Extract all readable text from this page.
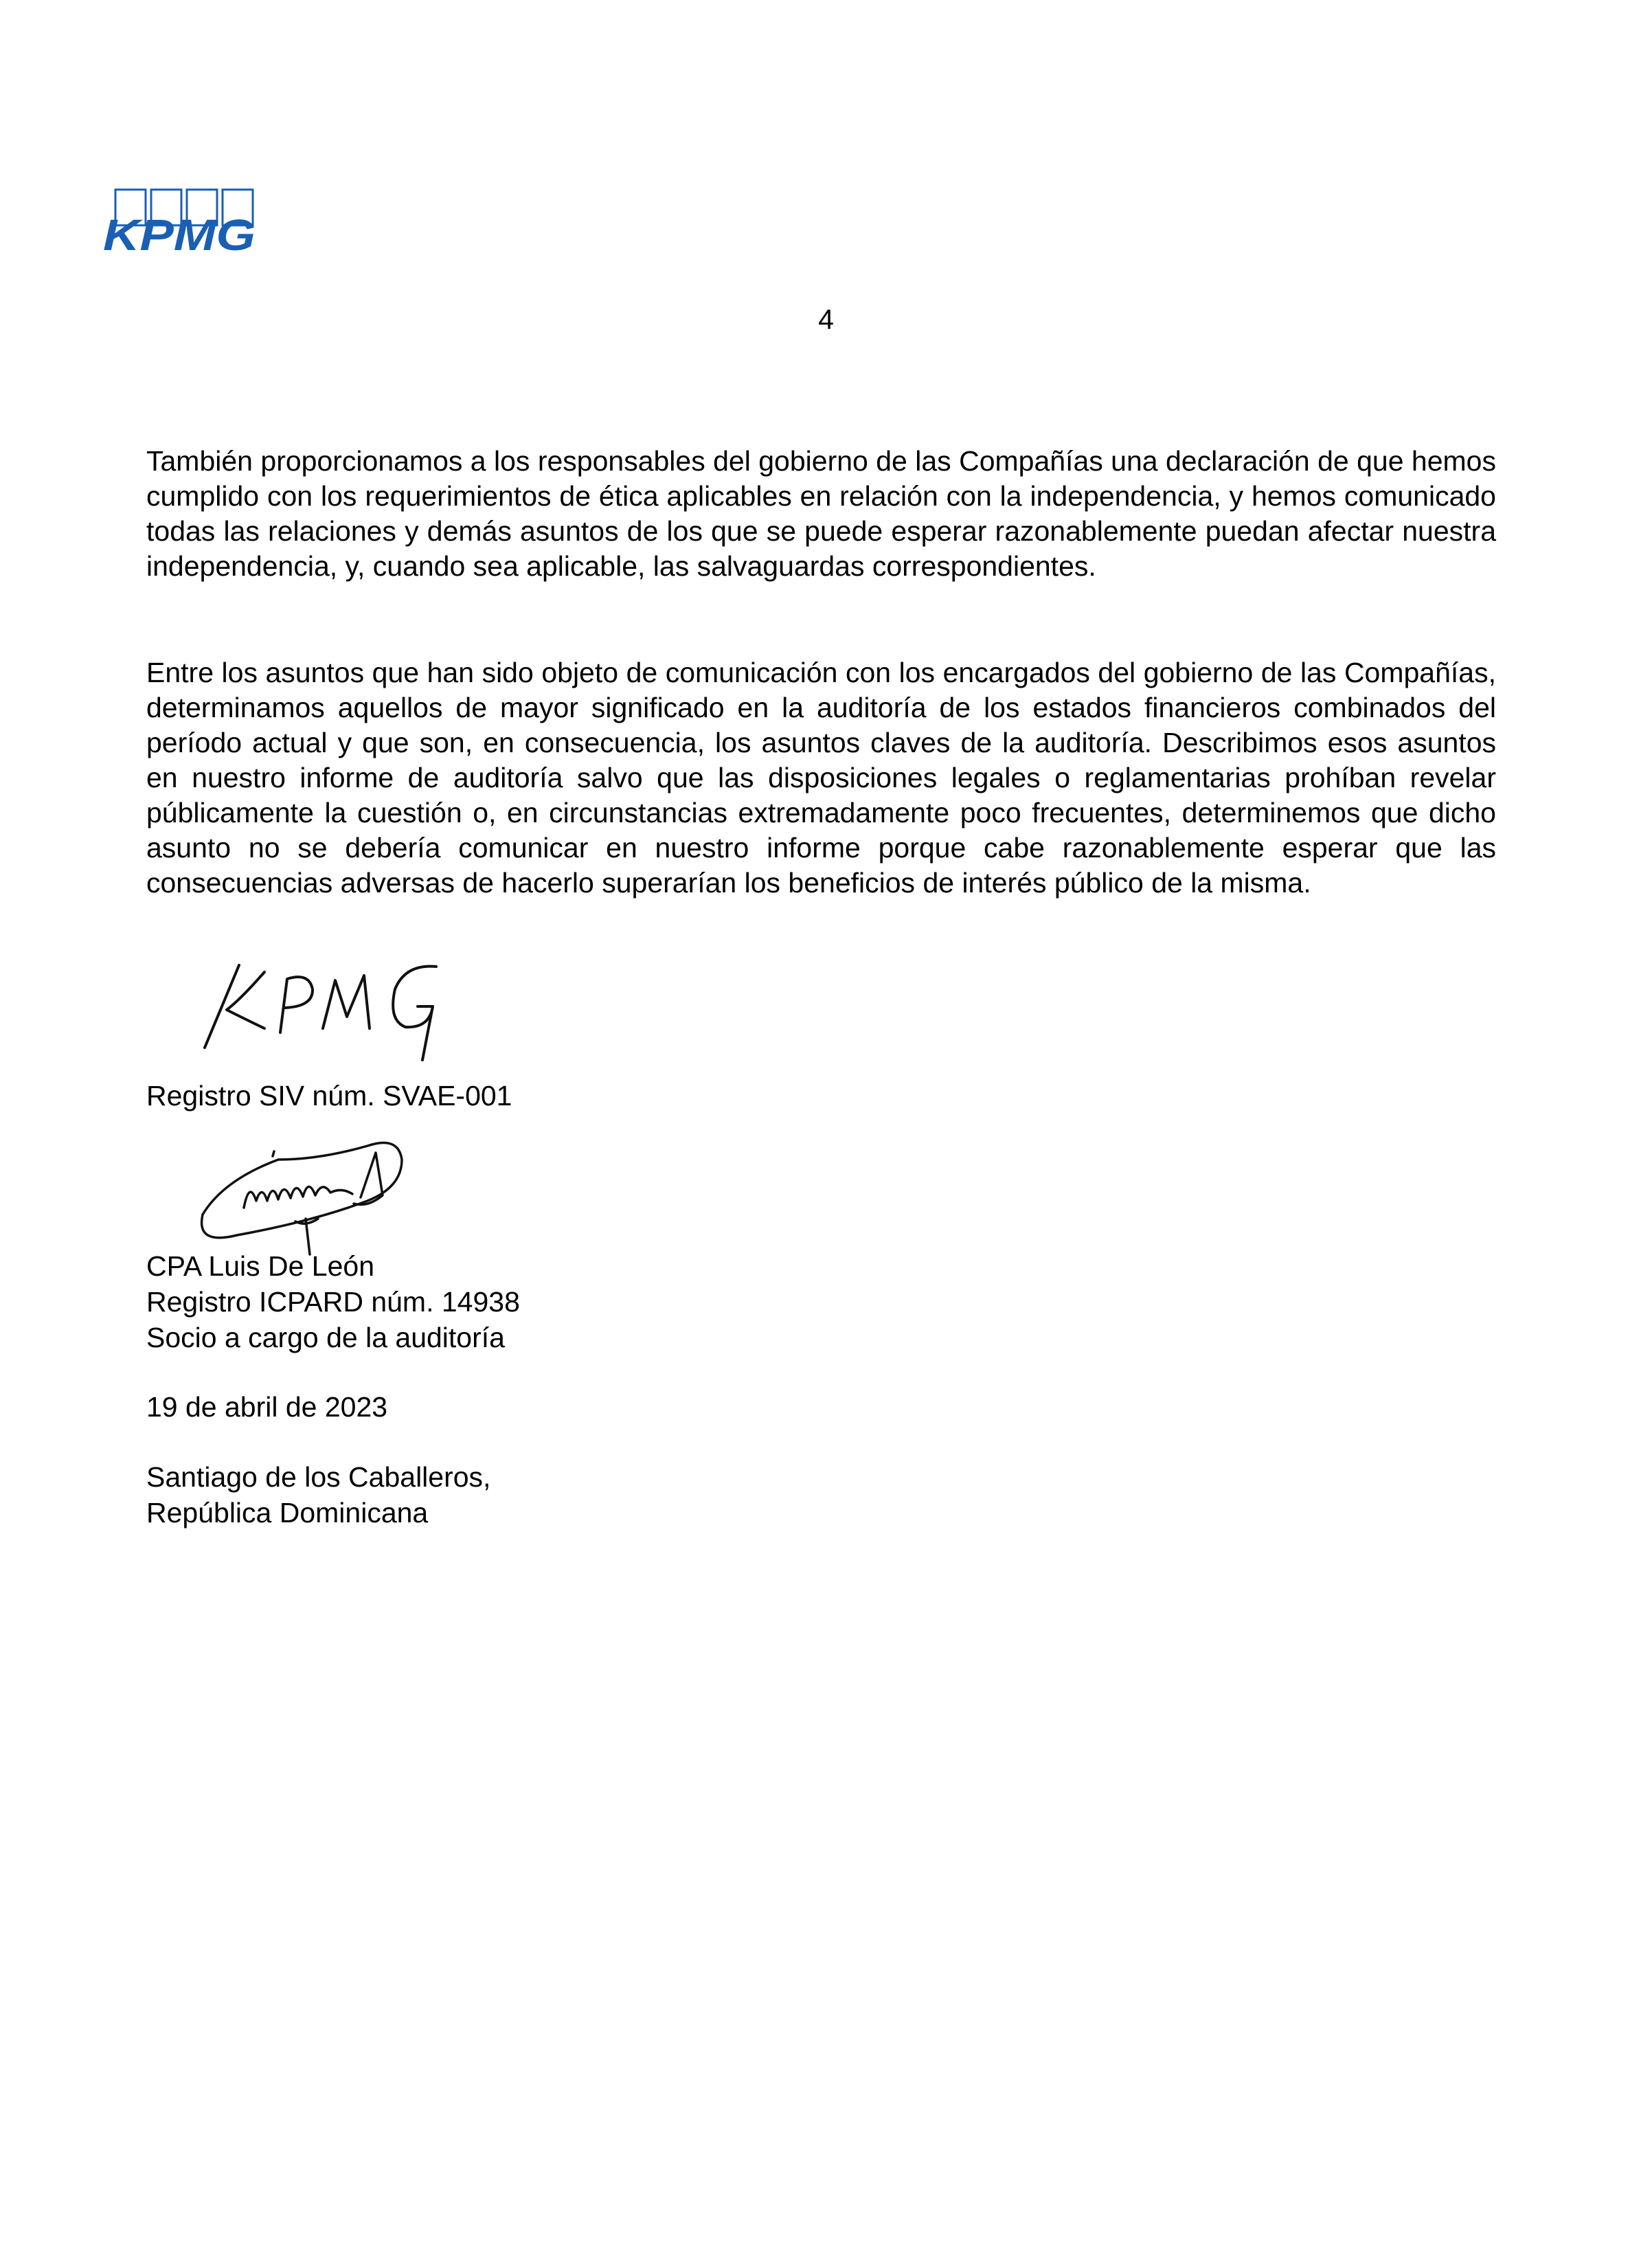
KPMG
4

También proporcionamos a los responsables del gobierno de las Compañías una declaración de que hemos cumplido con los requerimientos de ética aplicables en relación con la independencia, y hemos comunicado todas las relaciones y demás asuntos de los que se puede esperar razonablemente puedan afectar nuestra independencia, y, cuando sea aplicable, las salvaguardas correspondientes.

Entre los asuntos que han sido objeto de comunicación con los encargados del gobierno de las Compañías, determinamos aquellos de mayor significado en la auditoría de los estados financieros combinados del período actual y que son, en consecuencia, los asuntos claves de la auditoría. Describimos esos asuntos en nuestro informe de auditoría salvo que las disposiciones legales o reglamentarias prohíban revelar públicamente la cuestión o, en circunstancias extremadamente poco frecuentes, determinemos que dicho asunto no se debería comunicar en nuestro informe porque cabe razonablemente esperar que las consecuencias adversas de hacerlo superarían los beneficios de interés público de la misma.

Registro SIV núm. SVAE-001
CPA Luis De León
Registro ICPARD núm. 14938
Socio a cargo de la auditoría
19 de abril de 2023
Santiago de los Caballeros,
República Dominicana
